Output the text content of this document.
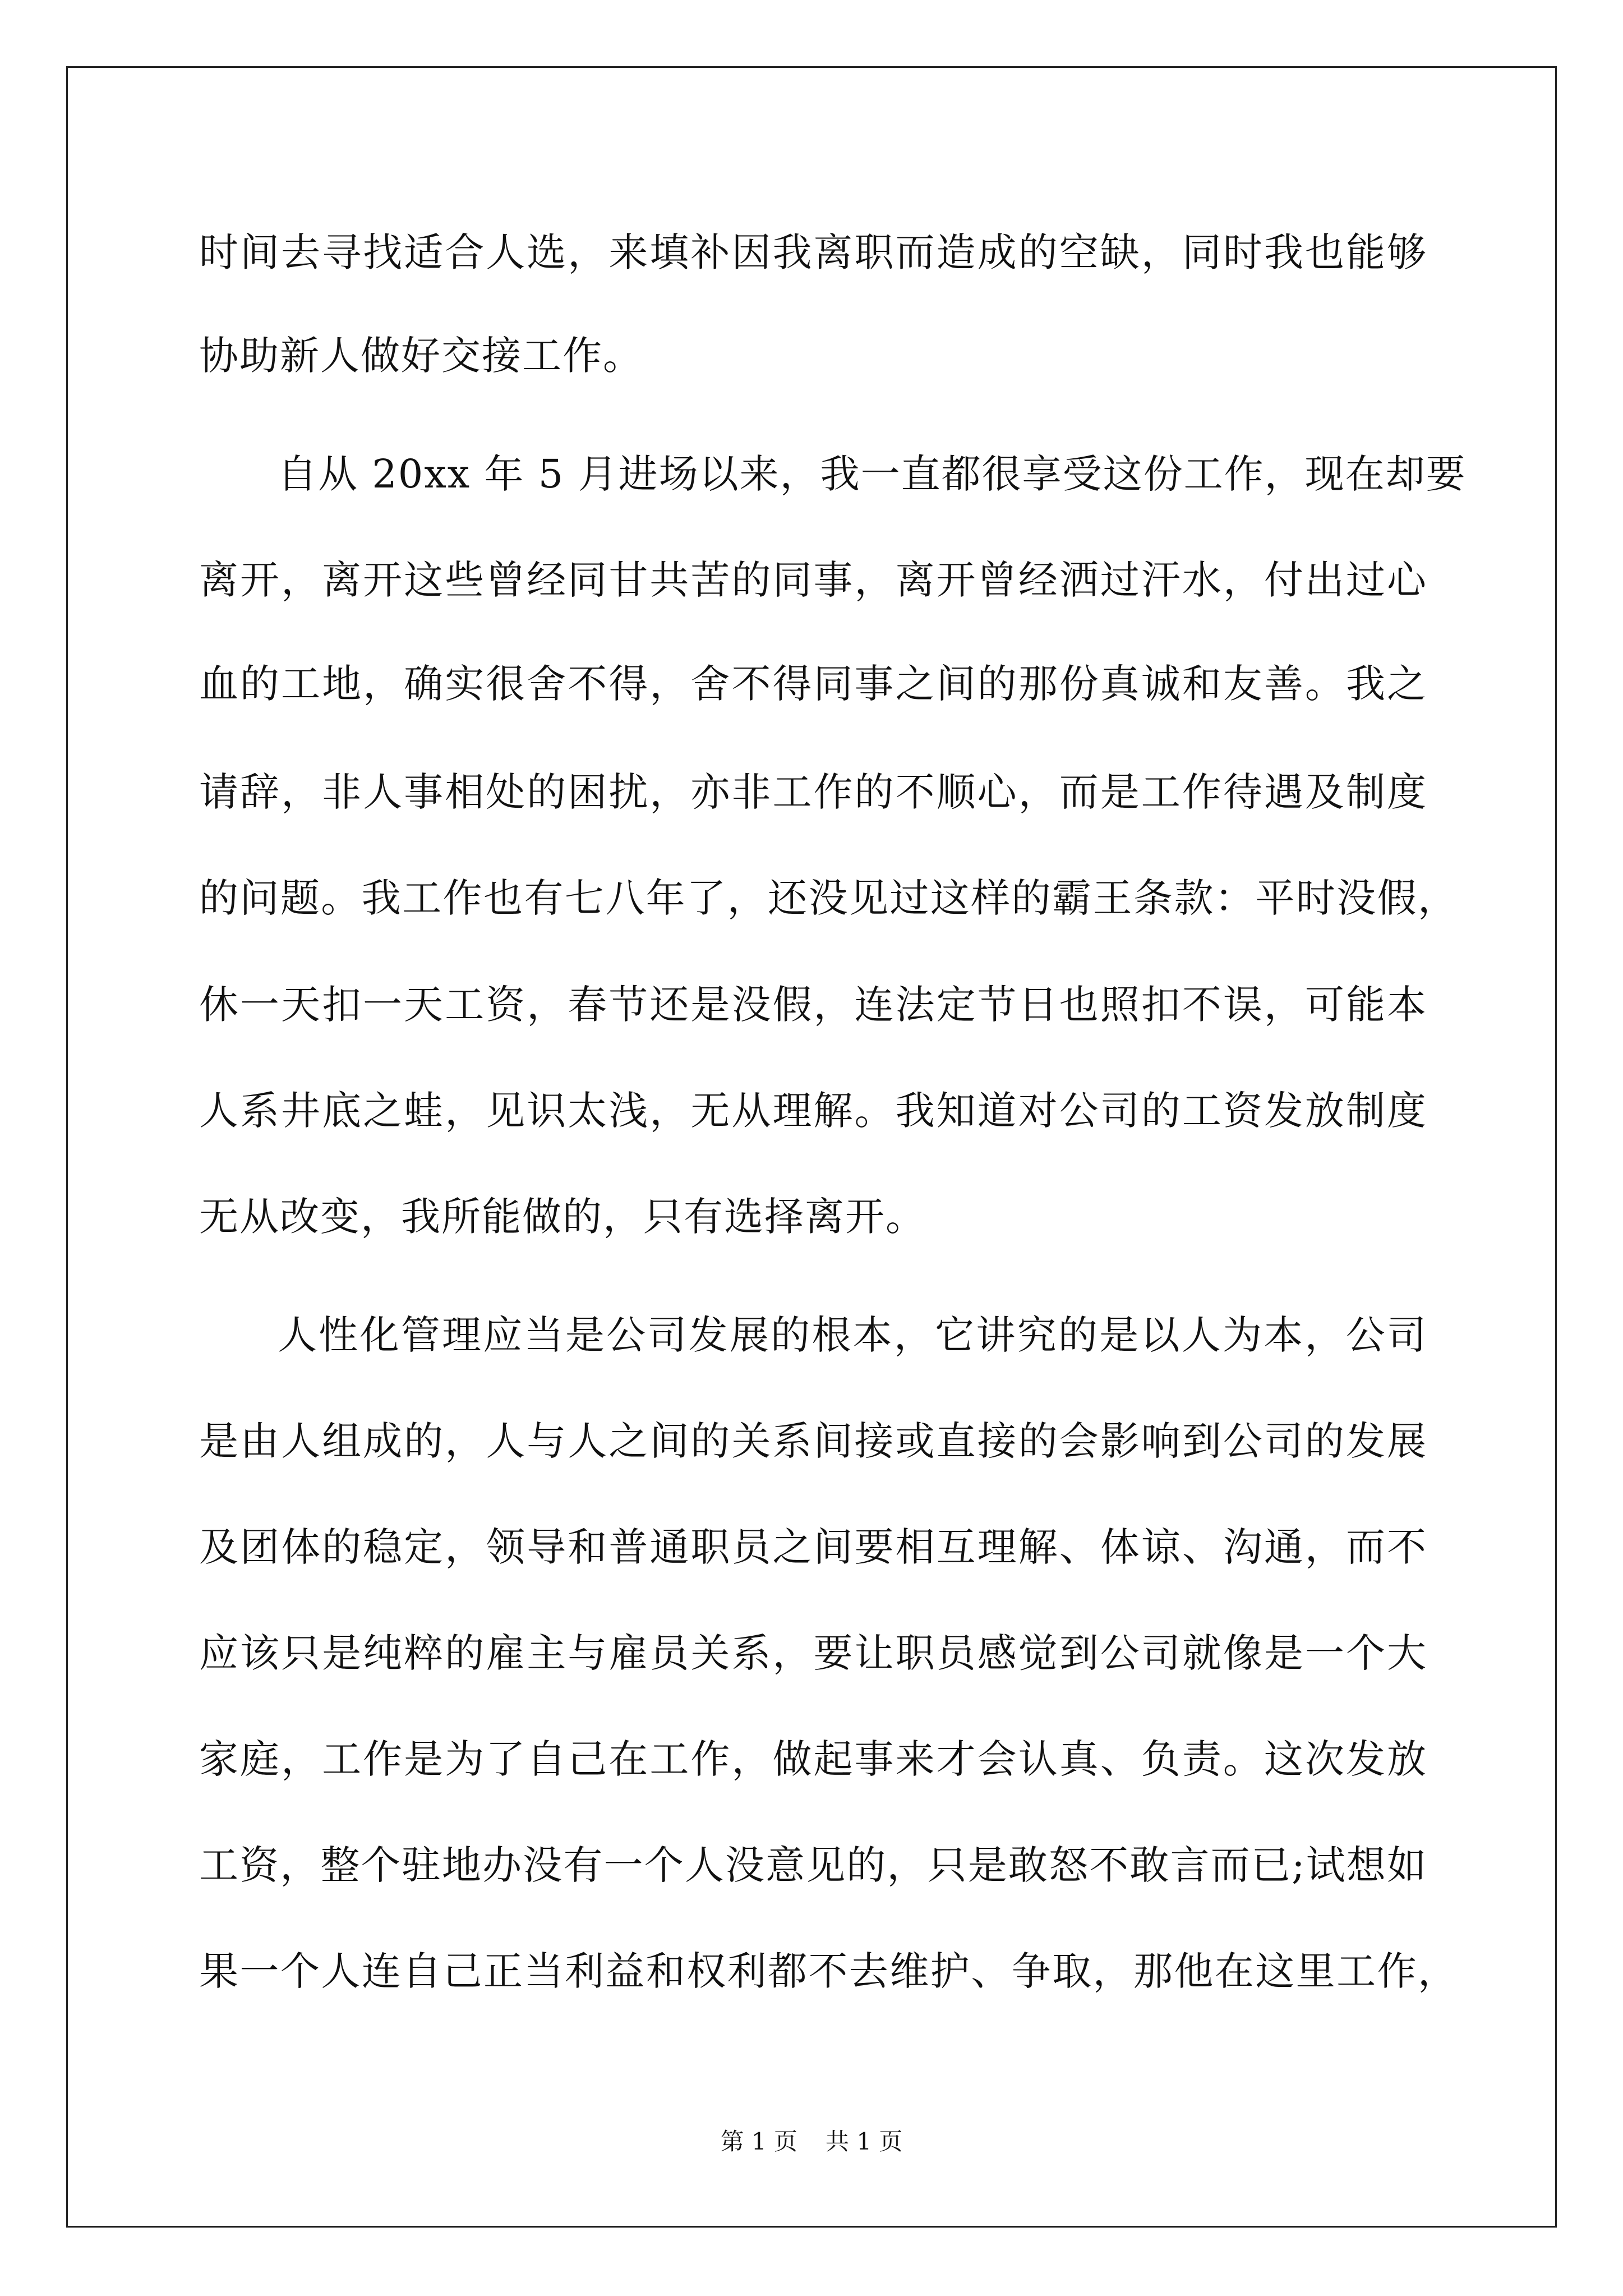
时间去寻找适合人选，来填补因我离职而造成的空缺，同时我也能够
协助新人做好交接工作。
自从 20xx 年 5 月进场以来，我一直都很享受这份工作，现在却要
离开，离开这些曾经同甘共苦的同事，离开曾经洒过汗水，付出过心
血的工地，确实很舍不得，舍不得同事之间的那份真诚和友善。我之
请辞，非人事相处的困扰，亦非工作的不顺心，而是工作待遇及制度
的问题。我工作也有七八年了，还没见过这样的霸王条款：平时没假，
休一天扣一天工资，春节还是没假，连法定节日也照扣不误，可能本
人系井底之蛙，见识太浅，无从理解。我知道对公司的工资发放制度
无从改变，我所能做的，只有选择离开。
人性化管理应当是公司发展的根本，它讲究的是以人为本，公司
是由人组成的，人与人之间的关系间接或直接的会影响到公司的发展
及团体的稳定，领导和普通职员之间要相互理解、体谅、沟通，而不
应该只是纯粹的雇主与雇员关系，要让职员感觉到公司就像是一个大
家庭，工作是为了自己在工作，做起事来才会认真、负责。这次发放
工资，整个驻地办没有一个人没意见的，只是敢怒不敢言而已;试想如
果一个人连自己正当利益和权利都不去维护、争取，那他在这里工作，
第 1 页 共 1 页
